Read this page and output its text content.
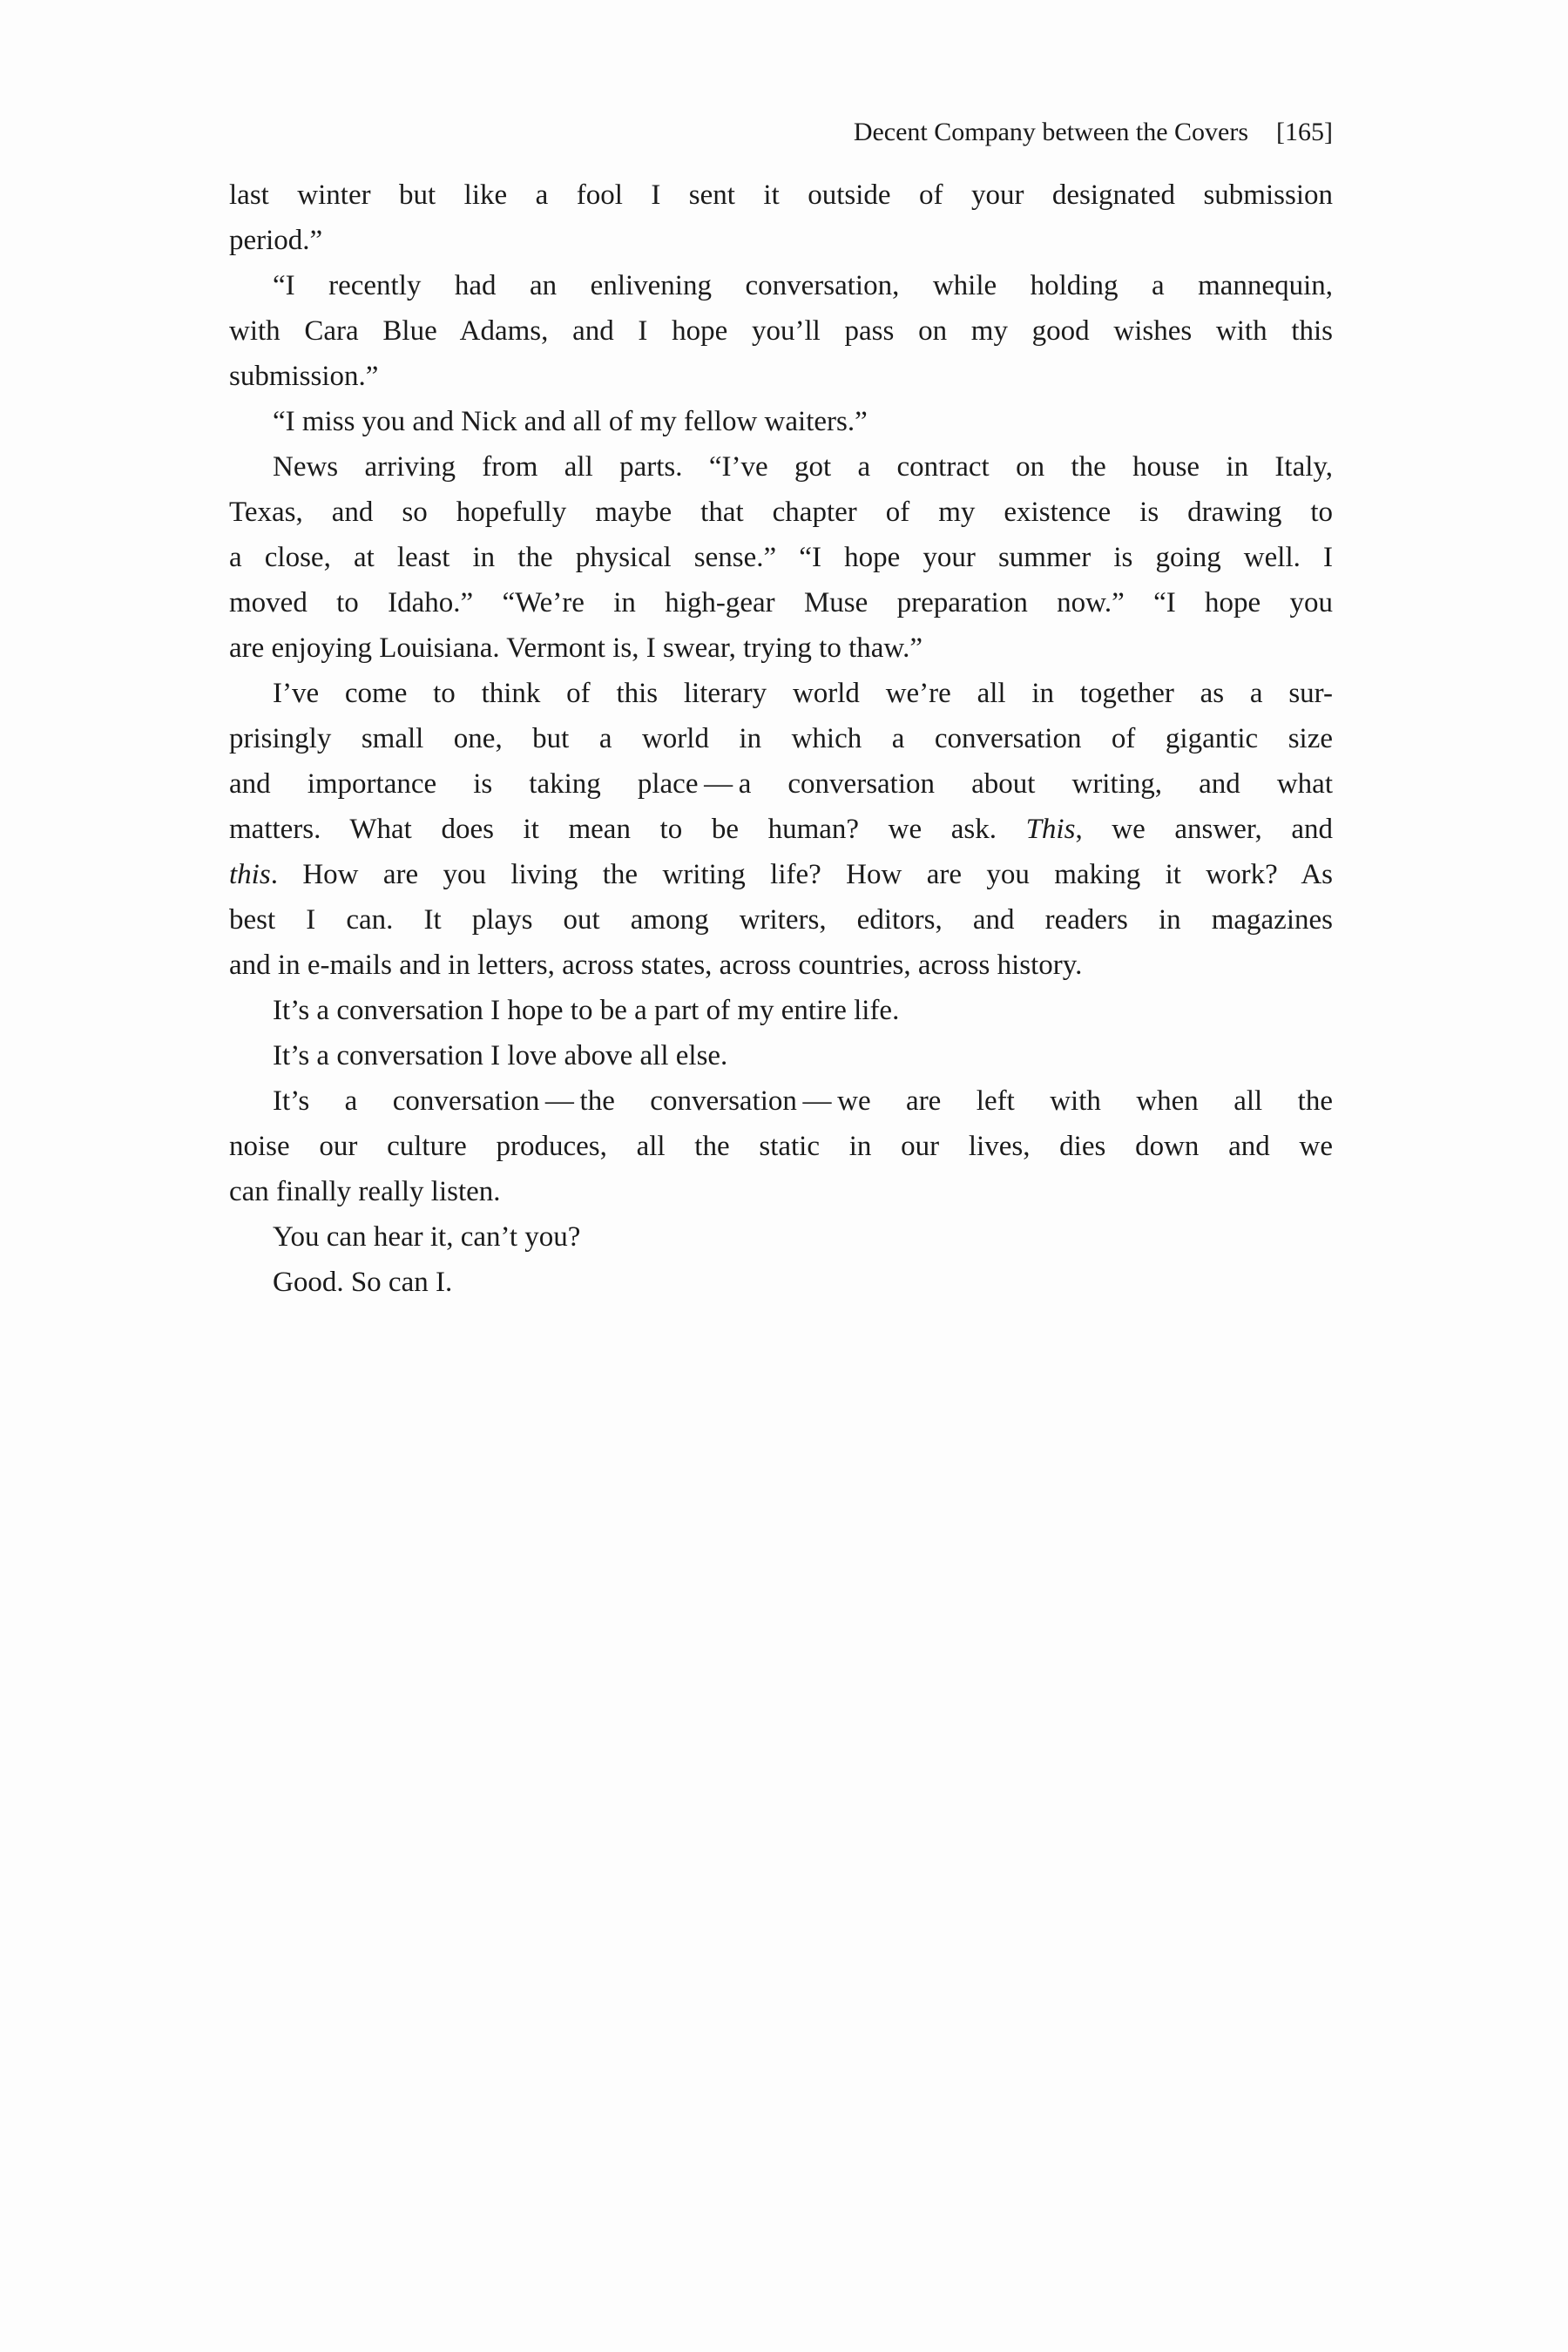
Decent Company between the Covers [165]
last winter but like a fool I sent it outside of your designated submission
period.”
“I recently had an enlivening conversation, while holding a mannequin,
with Cara Blue Adams, and I hope you’ll pass on my good wishes with this
submission.”
“I miss you and Nick and all of my fellow waiters.”
News arriving from all parts. “I’ve got a contract on the house in Italy,
Texas, and so hopefully maybe that chapter of my existence is drawing to
a close, at least in the physical sense.” “I hope your summer is going well. I
moved to Idaho.” “We’re in high-gear Muse preparation now.” “I hope you
are enjoying Louisiana. Vermont is, I swear, trying to thaw.”
I’ve come to think of this literary world we’re all in together as a sur-
prisingly small one, but a world in which a conversation of gigantic size
and importance is taking place — a conversation about writing, and what
matters. What does it mean to be human? we ask. This, we answer, and
this. How are you living the writing life? How are you making it work? As
best I can. It plays out among writers, editors, and readers in magazines
and in e-mails and in letters, across states, across countries, across history.
It’s a conversation I hope to be a part of my entire life.
It’s a conversation I love above all else.
It’s a conversation — the conversation — we are left with when all the
noise our culture produces, all the static in our lives, dies down and we
can finally really listen.
You can hear it, can’t you?
Good. So can I.
